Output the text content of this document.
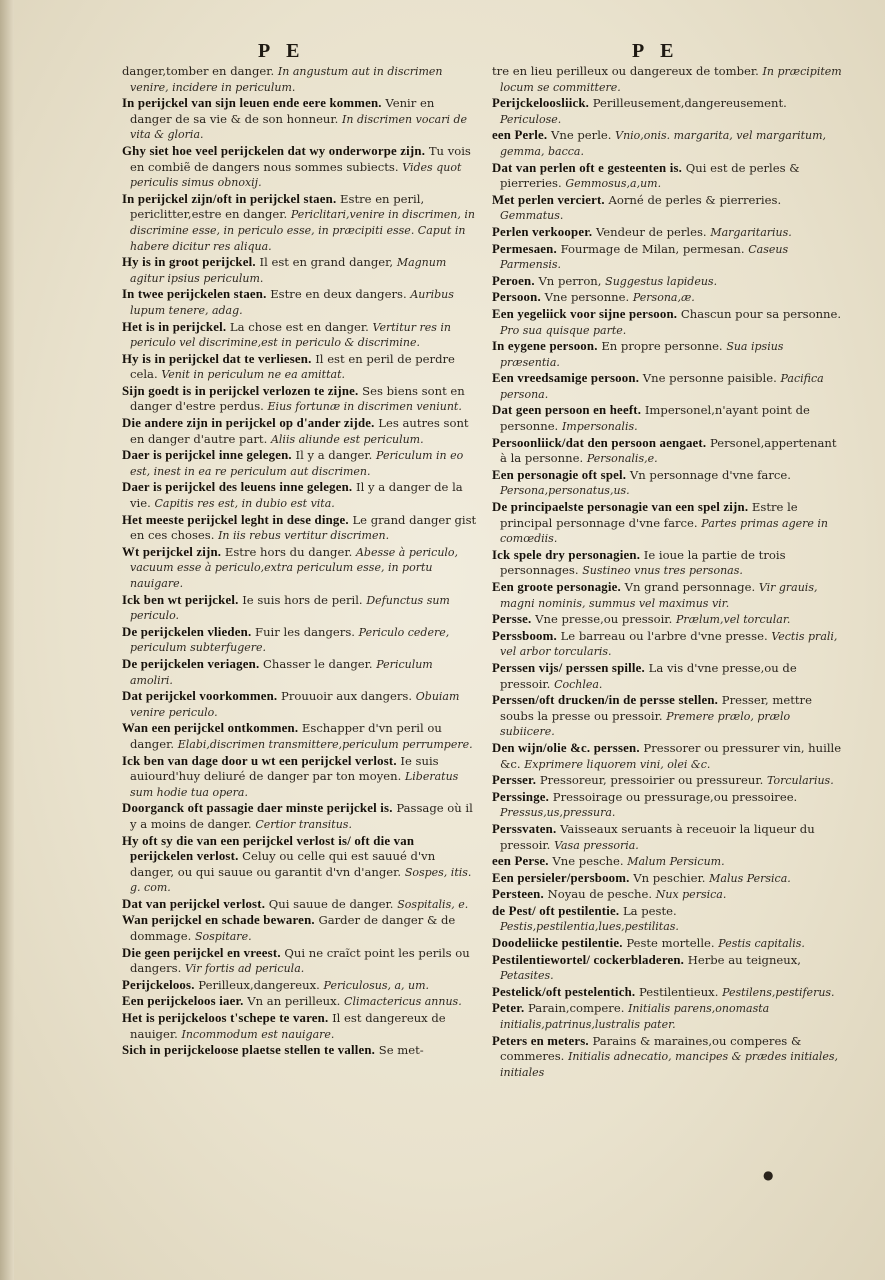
P E	P E
danger,tomber en danger. In angustum aut in discrimen venire, incidere in periculum.
In perijckel van sijn leuen ende eere kommen. Venir en danger de sa vie & de son honneur. In discrimen vocari de vita & gloria.
Ghy siet hoe veel perijckelen dat wy onderworpe zijn. Tu vois en combiẽ de dangers nous sommes subiects. Vides quot periculis simus obnoxij.
In perijckel zijn/oft in perijckel staen. Estre en peril, periclitter,estre en danger. Periclitari,venire in discrimen, in discrimine esse, in periculo esse, in præcipiti esse. Caput in habere dicitur res aliqua.
Hy is in groot perijckel. Il est en grand danger, Magnum agitur ipsius periculum.
In twee perijckelen staen. Estre en deux dangers. Auribus lupum tenere, adag.
Het is in perijckel. La chose est en danger. Vertitur res in periculo vel discrimine,est in periculo & discrimine.
Hy is in perijckel dat te verliesen. Il est en peril de perdre cela. Venit in periculum ne ea amittat.
Sijn goedt is in perijckel verlozen te zijne. Ses biens sont en danger d'estre perdus. Eius fortunæ in discrimen veniunt.
Die andere zijn in perijckel op d'ander zijde. Les autres sont en danger d'autre part. Aliis aliunde est periculum.
Daer is perijckel inne gelegen. Il y a danger. Periculum in eo est, inest in ea re periculum aut discrimen.
Daer is perijckel des leuens inne gelegen. Il y a danger de la vie. Capitis res est, in dubio est vita.
Het meeste perijckel leght in dese dinge. Le grand danger gist en ces choses. In iis rebus vertitur discrimen.
Wt perijckel zijn. Estre hors du danger. Abesse à periculo, vacuum esse à periculo,extra periculum esse, in portu nauigare.
Ick ben wt perijckel. Ie suis hors de peril. Defunctus sum periculo.
De perijckelen vlieden. Fuir les dangers. Periculo cedere, periculum subterfugere.
De perijckelen veriagen. Chasser le danger. Periculum amoliri.
Dat perijckel voorkommen. Prouuoir aux dangers. Obuiam venire periculo.
Wan een perijckel ontkommen. Eschapper d'vn peril ou danger. Elabi,discrimen transmittere,periculum perrumpere.
Ick ben van dage door u wt een perijckel verlost. Ie suis auiourd'huy deliuré de danger par ton moyen. Liberatus sum hodie tua opera.
Doorganck oft passagie daer minste perijckel is. Passage où il y a moins de danger. Certior transitus.
Hy oft sy die van een perijckel verlost is/ oft die van perijckelen verlost. Celuy ou celle qui est sauué d'vn danger, ou qui sauue ou garantit d'vn d'anger. Sospes, itis. g. com.
Dat van perijckel verlost. Qui sauue de danger. Sospitalis, e.
Wan perijckel en schade bewaren. Garder de danger & de dommage. Sospitare.
Die geen perijckel en vreest. Qui ne craĩct point les perils ou dangers. Vir fortis ad pericula.
Perijckeloos. Perilleux,dangereux. Periculosus, a, um.
Een perijckeloos iaer. Vn an perilleux. Climactericus annus.
Het is perijckeloos t'schepe te varen. Il est dangereux de nauiger. Incommodum est nauigare.
Sich in perijckeloose plaetse stellen te vallen. Se met-
tre en lieu perilleux ou dangereux de tomber. In præcipitem locum se committere.
Perijckeloosliick. Perilleusement,dangereusement. Periculose.
een Perle. Vne perle. Vnio,onis. margarita, vel margaritum, gemma, bacca.
Dat van perlen oft e gesteenten is. Qui est de perles & pierreries. Gemmosus,a,um.
Met perlen verciert. Aorné de perles & pierreries. Gemmatus.
Perlen verkooper. Vendeur de perles. Margaritarius.
Permesaen. Fourmage de Milan, permesan. Caseus Parmensis.
Peroen. Vn perron, Suggestus lapideus.
Persoon. Vne personne. Persona,æ.
Een yegeliick voor sijne persoon. Chascun pour sa personne. Pro sua quisque parte.
In eygene persoon. En propre personne. Sua ipsius præsentia.
Een vreedsamige persoon. Vne personne paisible. Pacifica persona.
Dat geen persoon en heeft. Impersonel,n'ayant point de personne. Impersonalis.
Persoonliick/dat den persoon aengaet. Personel,appertenant à la personne. Personalis,e.
Een personagie oft spel. Vn personnage d'vne farce. Persona,personatus,us.
De principaelste personagie van een spel zijn. Estre le principal personnage d'vne farce. Partes primas agere in comœdiis.
Ick spele dry personagien. Ie ioue la partie de trois personnages. Sustineo vnus tres personas.
Een groote personagie. Vn grand personnage. Vir grauis, magni nominis, summus vel maximus vir.
Persse. Vne presse,ou pressoir. Prælum,vel torcular.
Perssboom. Le barreau ou l'arbre d'vne presse. Vectis prali, vel arbor torcularis.
Perssen vijs/ perssen spille. La vis d'vne presse,ou de pressoir. Cochlea.
Perssen/oft drucken/in de persse stellen. Presser, mettre soubs la presse ou pressoir. Premere prælo, prælo subiicere.
Den wijn/olie &c. perssen. Pressorer ou pressurer vin, huille &c. Exprimere liquorem vini, olei &c.
Persser. Pressoreur, pressoirier ou pressureur. Torcularius.
Perssinge. Pressoirage ou pressurage,ou pressoiree. Pressus,us,pressura.
Perssvaten. Vaisseaux seruants à receuoir la liqueur du pressoir. Vasa pressoria.
een Perse. Vne pesche. Malum Persicum.
Een persieler/persboom. Vn peschier. Malus Persica.
Persteen. Noyau de pesche. Nux persica.
de Pest/ oft pestilentie. La peste. Pestis,pestilentia,lues,pestilitas.
Doodeliicke pestilentie. Peste mortelle. Pestis capitalis.
Pestilentiewortel/ cockerbladeren. Herbe au teigneux, Petasites.
Pestelick/oft pestelentich. Pestilentieux. Pestilens,pestiferus.
Peter. Parain,compere. Initialis parens,onomasta initialis,patrinus,lustralis pater.
Peters en meters. Parains & maraines,ou comperes & commeres. Initialis adnecatio, mancipes & prædes initiales, initiales
●
